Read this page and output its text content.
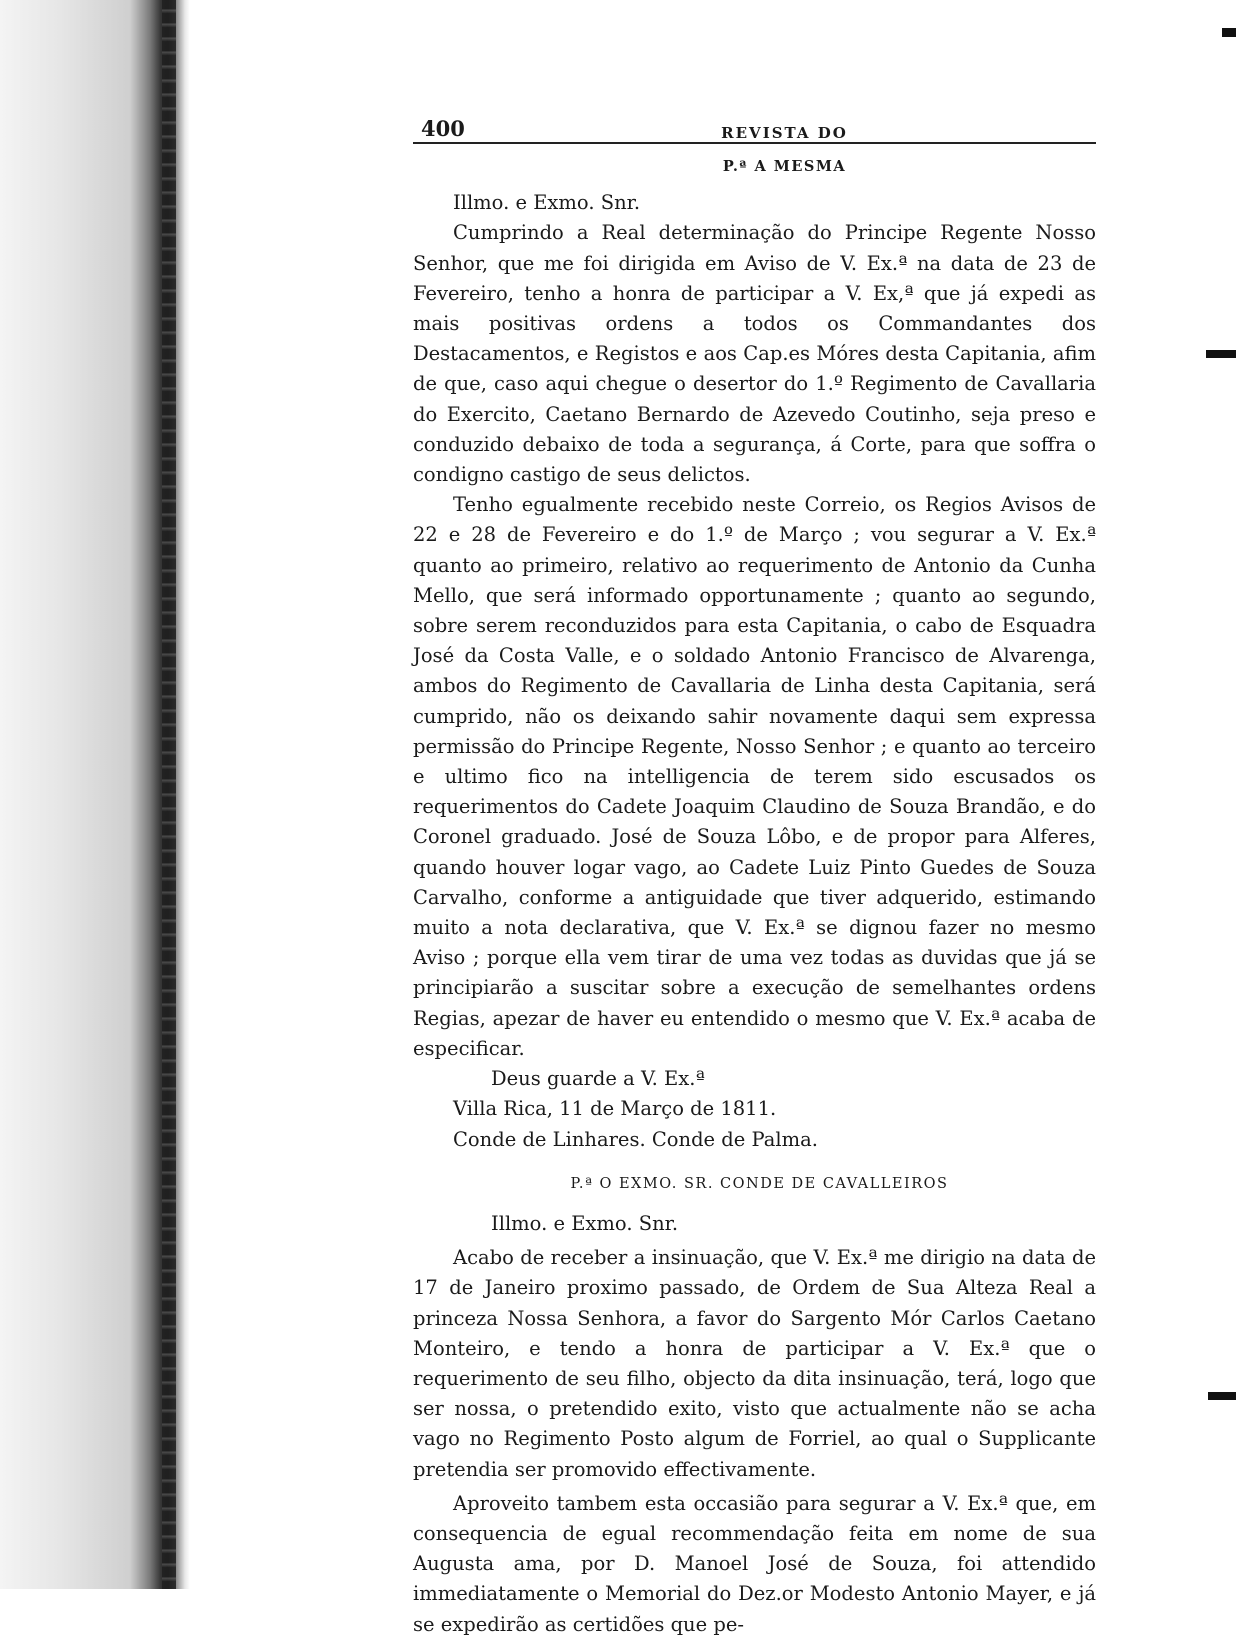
400	REVISTA DO
P.ª A MESMA
Illmo. e Exmo. Snr.

Cumprindo a Real determinação do Principe Regente Nosso Senhor, que me foi dirigida em Aviso de V. Ex.ª na data de 23 de Fevereiro, tenho a honra de participar a V. Ex,ª que já expedi as mais positivas ordens a todos os Commandantes dos Destacamentos, e Registos e aos Cap.es Móres desta Capitania, afim de que, caso aqui chegue o desertor do 1.º Regimento de Cavallaria do Exercito, Caetano Bernardo de Azevedo Coutinho, seja preso e conduzido debaixo de toda a segurança, á Corte, para que soffra o condigno castigo de seus delictos.

Tenho egualmente recebido neste Correio, os Regios Avisos de 22 e 28 de Fevereiro e do 1.º de Março ; vou segurar a V. Ex.ª quanto ao primeiro, relativo ao requerimento de Antonio da Cunha Mello, que será informado opportunamente ; quanto ao segundo, sobre serem reconduzidos para esta Capitania, o cabo de Esquadra José da Costa Valle, e o soldado Antonio Francisco de Alvarenga, ambos do Regimento de Cavallaria de Linha desta Capitania, será cumprido, não os deixando sahir novamente daqui sem expressa permissão do Principe Regente, Nosso Senhor ; e quanto ao terceiro e ultimo fico na intelligencia de terem sido escusados os requerimentos do Cadete Joaquim Claudino de Souza Brandão, e do Coronel graduado. José de Souza Lôbo, e de propor para Alferes, quando houver logar vago, ao Cadete Luiz Pinto Guedes de Souza Carvalho, conforme a antiguidade que tiver adquerido, estimando muito a nota declarativa, que V. Ex.ª se dignou fazer no mesmo Aviso ; porque ella vem tirar de uma vez todas as duvidas que já se principiarão a suscitar sobre a execução de semelhantes ordens Regias, apezar de haver eu entendido o mesmo que V. Ex.ª acaba de especificar.

Deus guarde a V. Ex.ª

Villa Rica, 11 de Março de 1811.

Conde de Linhares. Conde de Palma.

P.ª O EXMO. SR. CONDE DE CAVALLEIROS
Illmo. e Exmo. Snr.

Acabo de receber a insinuação, que V. Ex.ª me dirigio na data de 17 de Janeiro proximo passado, de Ordem de Sua Alteza Real a princeza Nossa Senhora, a favor do Sargento Mór Carlos Caetano Monteiro, e tendo a honra de participar a V. Ex.ª que o requerimento de seu filho, objecto da dita insinuação, terá, logo que ser nossa, o pretendido exito, visto que actualmente não se acha vago no Regimento Posto algum de Forriel, ao qual o Supplicante pretendia ser promovido effectivamente.

Aproveito tambem esta occasião para segurar a V. Ex.ª que, em consequencia de egual recommendação feita em nome de sua Augusta ama, por D. Manoel José de Souza, foi attendido immediatamente o Memorial do Dez.or Modesto Antonio Mayer, e já se expedirão as certidões que pe-
